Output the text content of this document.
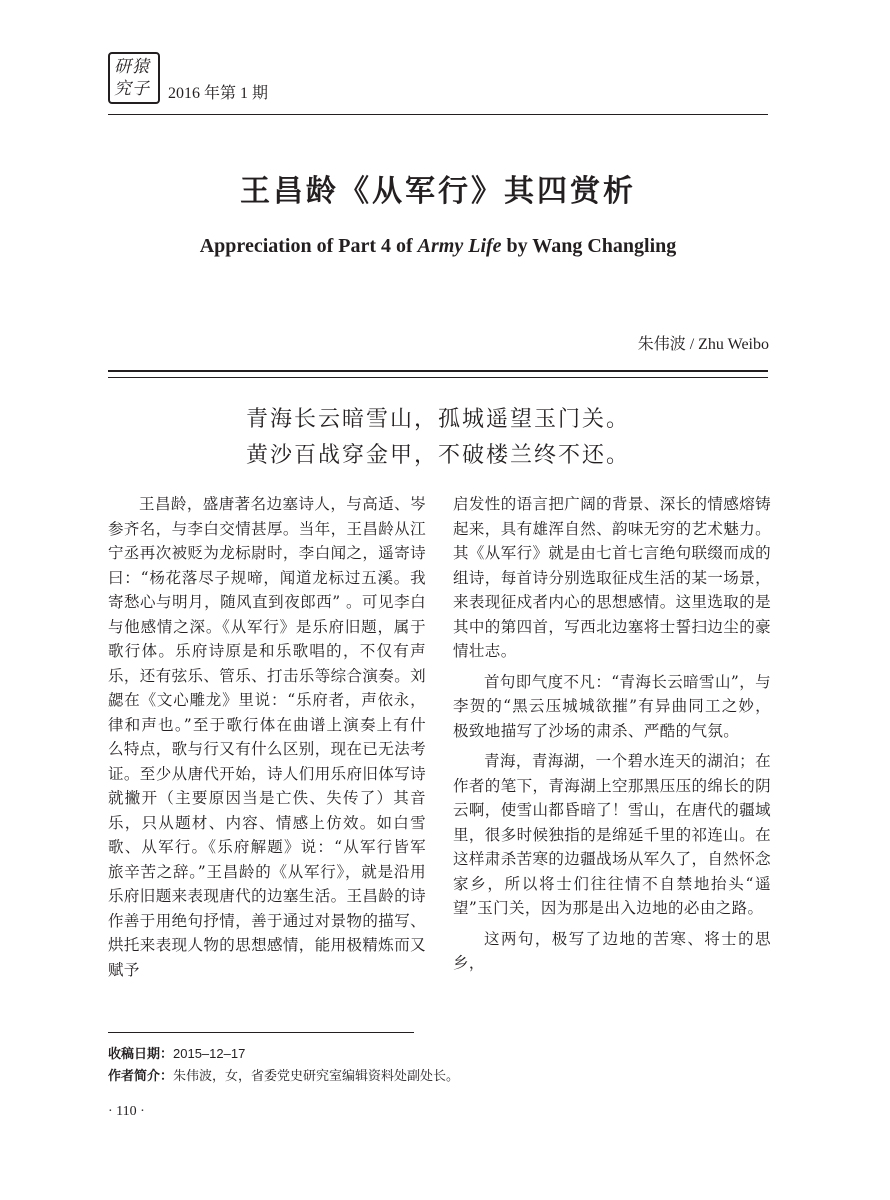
研猿
究子 2016 年第 1 期
王昌龄《从军行》其四赏析
Appreciation of Part 4 of Army Life by Wang Changling
朱伟波 / Zhu Weibo
青海长云暗雪山，孤城遥望玉门关。
黄沙百战穿金甲，不破楼兰终不还。

王昌龄，盛唐著名边塞诗人，与高适、岑参齐名，与李白交情甚厚。当年，王昌龄从江宁丞再次被贬为龙标尉时，李白闻之，遥寄诗曰：“杨花落尽子规啼，闻道龙标过五溪。我寄愁心与明月，随风直到夜郎西” 。可见李白与他感情之深。《从军行》是乐府旧题，属于歌行体。乐府诗原是和乐歌唱的，不仅有声乐，还有弦乐、管乐、打击乐等综合演奏。刘勰在《文心雕龙》里说：“乐府者，声依永，律和声也。”至于歌行体在曲谱上演奏上有什么特点，歌与行又有什么区别，现在已无法考证。至少从唐代开始，诗人们用乐府旧体写诗就撇开（主要原因当是亡佚、失传了）其音乐，只从题材、内容、情感上仿效。如白雪歌、从军行。《乐府解题》说：“从军行皆军旅辛苦之辞。”王昌龄的《从军行》，就是沿用乐府旧题来表现唐代的边塞生活。王昌龄的诗作善于用绝句抒情，善于通过对景物的描写、烘托来表现人物的思想感情，能用极精炼而又赋予

启发性的语言把广阔的背景、深长的情感熔铸起来，具有雄浑自然、韵味无穷的艺术魅力。其《从军行》就是由七首七言绝句联缀而成的组诗，每首诗分别选取征戍生活的某一场景，来表现征戍者内心的思想感情。这里选取的是其中的第四首，写西北边塞将士誓扫边尘的豪情壮志。

首句即气度不凡：“青海长云暗雪山”，与李贺的“黑云压城城欲摧”有异曲同工之妙，极致地描写了沙场的肃杀、严酷的气氛。

青海，青海湖，一个碧水连天的湖泊；在作者的笔下，青海湖上空那黑压压的绵长的阴云啊，使雪山都昏暗了！雪山，在唐代的疆域里，很多时候独指的是绵延千里的祁连山。在这样肃杀苦寒的边疆战场从军久了，自然怀念家乡，所以将士们往往情不自禁地抬头“遥望”玉门关，因为那是出入边地的必由之路。

这两句，极写了边地的苦寒、将士的思乡，

收稿日期：2015–12–17
作者简介：朱伟波，女，省委党史研究室编辑资料处副处长。
· 110 ·
